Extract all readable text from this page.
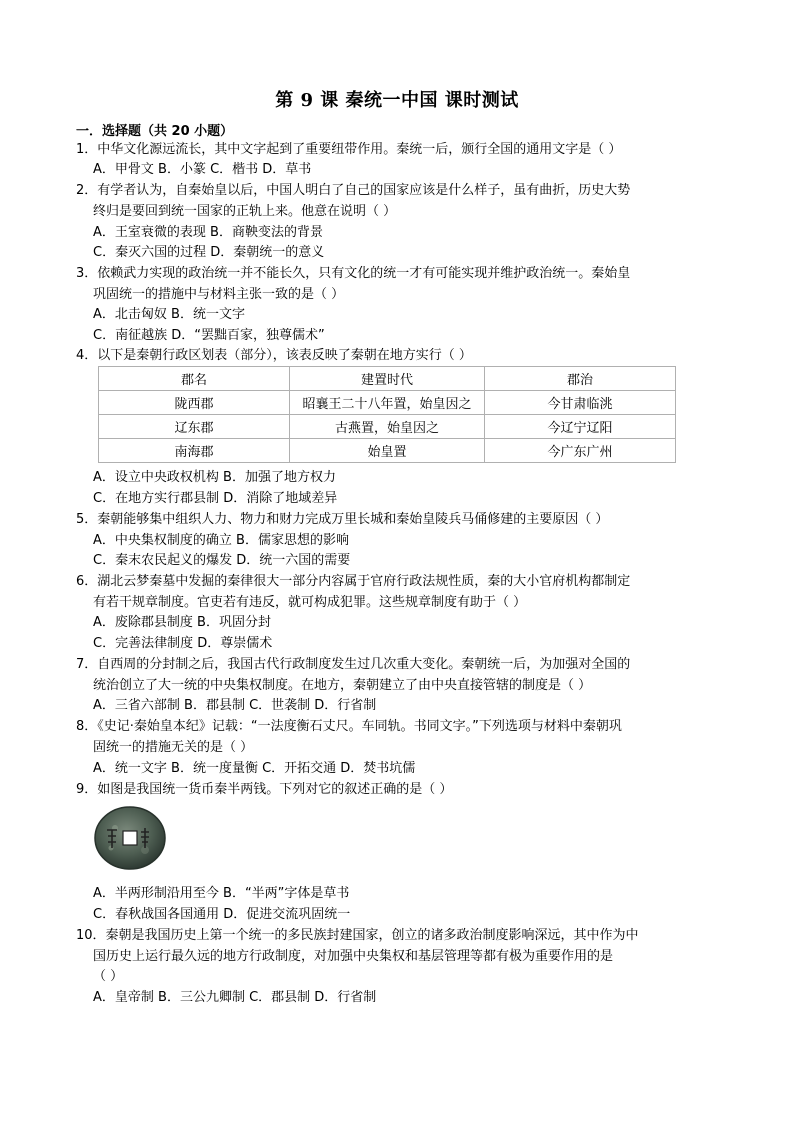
第 9 课 秦统一中国 课时测试
一．选择题（共 20 小题）
1．中华文化源远流长，其中文字起到了重要纽带作用。秦统一后，颁行全国的通用文字是（ ）
A．甲骨文 B．小篆 C．楷书 D．草书
2．有学者认为，自秦始皇以后，中国人明白了自己的国家应该是什么样子，虽有曲折，历史大势
终归是要回到统一国家的正轨上来。他意在说明（ ）
A．王室衰微的表现 B．商鞅变法的背景
C．秦灭六国的过程 D．秦朝统一的意义
3．依赖武力实现的政治统一并不能长久，只有文化的统一才有可能实现并维护政治统一。秦始皇
巩固统一的措施中与材料主张一致的是（ ）
A．北击匈奴 B．统一文字
C．南征越族 D．“罢黜百家，独尊儒术”
4．以下是秦朝行政区划表（部分），该表反映了秦朝在地方实行（ ）
郡名	建置时代	郡治
陇西郡	昭襄王二十八年置，始皇因之	今甘肃临洮
辽东郡	古燕置，始皇因之	今辽宁辽阳
南海郡	始皇置	今广东广州
A．设立中央政权机构 B．加强了地方权力
C．在地方实行郡县制 D．消除了地域差异
5．秦朝能够集中组织人力、物力和财力完成万里长城和秦始皇陵兵马俑修建的主要原因（ ）
A．中央集权制度的确立 B．儒家思想的影响
C．秦末农民起义的爆发 D．统一六国的需要
6．湖北云梦秦墓中发掘的秦律很大一部分内容属于官府行政法规性质，秦的大小官府机构都制定
有若干规章制度。官吏若有违反，就可构成犯罪。这些规章制度有助于（ ）
A．废除郡县制度 B．巩固分封
C．完善法律制度 D．尊崇儒术
7．自西周的分封制之后，我国古代行政制度发生过几次重大变化。秦朝统一后，为加强对全国的
统治创立了大一统的中央集权制度。在地方，秦朝建立了由中央直接管辖的制度是（ ）
A．三省六部制 B．郡县制 C．世袭制 D．行省制
8．《史记·秦始皇本纪》记载：“一法度衡石丈尺。车同轨。书同文字。”下列选项与材料中秦朝巩
固统一的措施无关的是（ ）
A．统一文字 B．统一度量衡 C．开拓交通 D．焚书坑儒
9．如图是我国统一货币秦半两钱。下列对它的叙述正确的是（ ）
A．半两形制沿用至今 B．“半两”字体是草书
C．春秋战国各国通用 D．促进交流巩固统一
10．秦朝是我国历史上第一个统一的多民族封建国家，创立的诸多政治制度影响深远，其中作为中
国历史上运行最久远的地方行政制度，对加强中央集权和基层管理等都有极为重要作用的是
（ ）
A．皇帝制 B．三公九卿制 C．郡县制 D．行省制
